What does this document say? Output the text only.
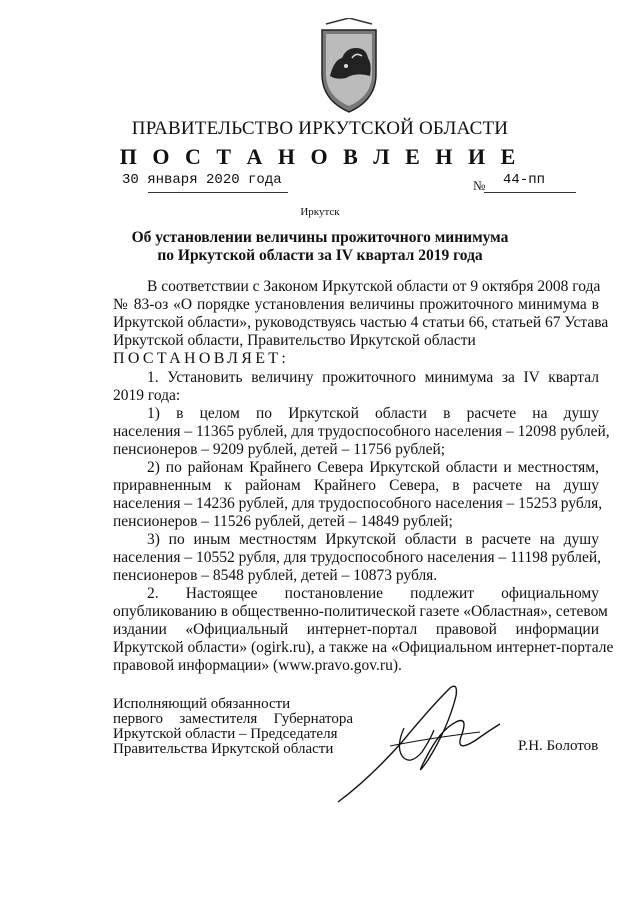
ПРАВИТЕЛЬСТВО ИРКУТСКОЙ ОБЛАСТИ
П О С Т А Н О В Л Е Н И Е
30 января 2020 года	№ 44-пп
Иркутск
Об установлении величины прожиточного минимума
по Иркутской области за IV квартал 2019 года
В соответствии с Законом Иркутской области от 9 октября 2008 года
№ 83-оз «О порядке установления величины прожиточного минимума в
Иркутской области», руководствуясь частью 4 статьи 66, статьей 67 Устава
Иркутской области, Правительство Иркутской области
ПОСТАНОВЛЯЕТ:
1. Установить величину прожиточного минимума за IV квартал
2019 года:
1) в целом по Иркутской области в расчете на душу
населения – 11365 рублей, для трудоспособного населения – 12098 рублей,
пенсионеров – 9209 рублей, детей – 11756 рублей;
2) по районам Крайнего Севера Иркутской области и местностям,
приравненным к районам Крайнего Севера, в расчете на душу
населения – 14236 рублей, для трудоспособного населения – 15253 рубля,
пенсионеров – 11526 рублей, детей – 14849 рублей;
3) по иным местностям Иркутской области в расчете на душу
населения – 10552 рубля, для трудоспособного населения – 11198 рублей,
пенсионеров – 8548 рублей, детей – 10873 рубля.
2. Настоящее постановление подлежит официальному
опубликованию в общественно-политической газете «Областная», сетевом
издании «Официальный интернет-портал правовой информации
Иркутской области» (ogirk.ru), а также на «Официальном интернет-портале
правовой информации» (www.pravo.gov.ru).
Исполняющий обязанности
первого заместителя Губернатора
Иркутской области – Председателя
Правительства Иркутской области	Р.Н. Болотов
